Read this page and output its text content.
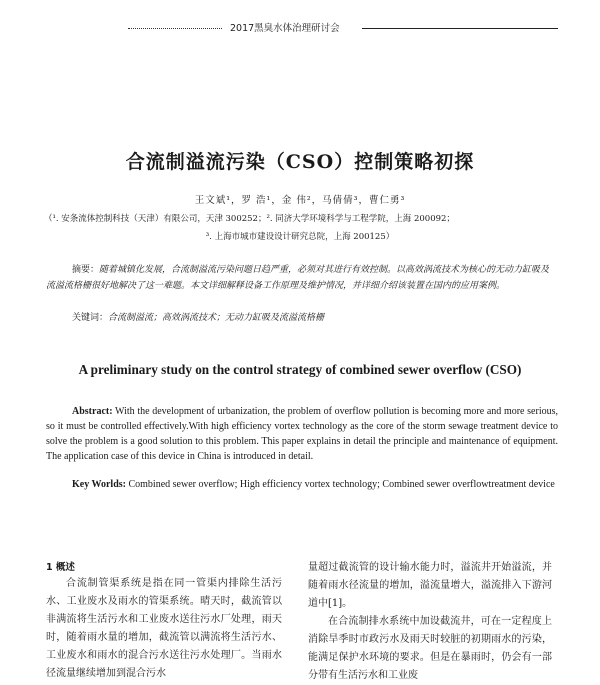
2017黑臭水体治理研讨会
合流制溢流污染（CSO）控制策略初探
王文斌¹，罗 浩¹，金 伟²，马倩倩³，曹仁勇³
（¹. 安条流体控制科技（天津）有限公司，天津 300252；². 同济大学环境科学与工程学院，上海 200092；
³. 上海市城市建设设计研究总院，上海 200125）
摘要：随着城镇化发展，合流制溢流污染问题日趋严重，必须对其进行有效控制。以高效涡流技术为核心的无动力缸吸及流溢流格栅很好地解决了这一难题。本文详细解释设备工作原理及维护情况，并详细介绍该装置在国内的应用案例。
关键词：合流制溢流；高效涡流技术；无动力缸吸及流溢流格栅
A preliminary study on the control strategy of combined sewer overflow (CSO)
Abstract: With the development of urbanization, the problem of overflow pollution is becoming more and more serious, so it must be controlled effectively.With high efficiency vortex technology as the core of the storm sewage treatment device to solve the problem is a good solution to this problem. This paper explains in detail the principle and maintenance of equipment. The application case of this device in China is introduced in detail.
Key Worlds: Combined sewer overflow; High efficiency vortex technology; Combined sewer overflowtreatment device
1 概述
合流制管渠系统是指在同一管渠内排除生活污水、工业废水及雨水的管渠系统。晴天时，截流管以非满流将生活污水和工业废水送往污水厂处理，雨天时，随着雨水量的增加，截流管以满流将生活污水、工业废水和雨水的混合污水送往污水处理厂。当雨水径流量继续增加到混合污水

量超过截流管的设计输水能力时，溢流井开始溢流，并随着雨水径流量的增加，溢流量增大，溢流排入下游河道中[1]。

在合流制排水系统中加设截流井，可在一定程度上消除旱季时市政污水及雨天时较脏的初期雨水的污染，能满足保护水环境的要求。但是在暴雨时，仍会有一部分带有生活污水和工业废
